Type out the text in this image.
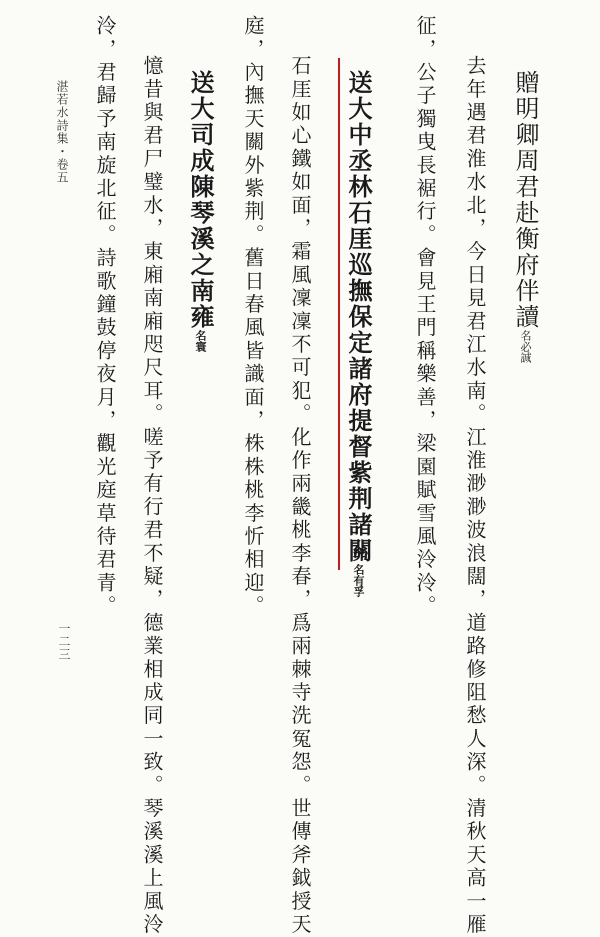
贈明卿周君赴衡府伴讀名必誠
去年遇君淮水北，今日見君江水南。江淮渺渺波浪闊，道路修阻愁人深。清秋天高一雁
征，公子獨曳長裾行。會見王門稱樂善，梁園賦雪風泠泠。
送大中丞林石厓巡撫保定諸府提督紫荆諸關名有孚
石厓如心鐵如面，霜風凜凜不可犯。化作兩畿桃李春，爲兩棘寺洗冤怨。世傳斧鉞授天
庭，內撫天關外紫荆。舊日春風皆識面，株株桃李忻相迎。
送大司成陳琴溪之南雍名寰
憶昔與君尸璧水，東廂南廂咫尺耳。嗟予有行君不疑，德業相成同一致。琴溪溪上風泠
泠，君歸予南旋北征。詩歌鐘鼓停夜月，觀光庭草待君青。
湛若水詩集・卷五
一二三
